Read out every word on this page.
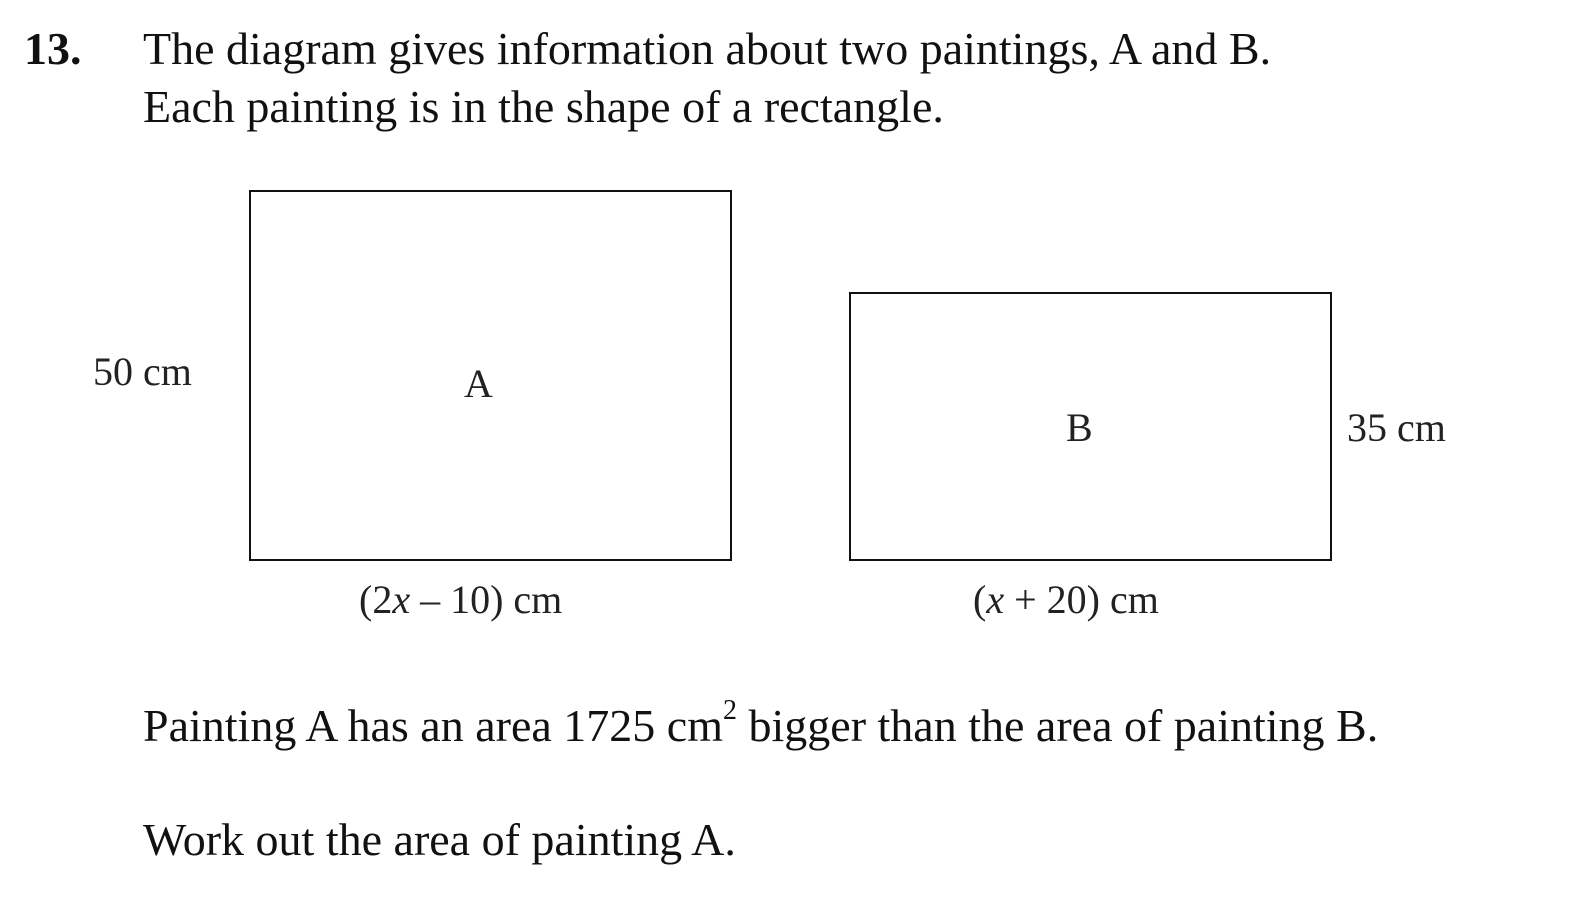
13. The diagram gives information about two paintings, A and B.
Each painting is in the shape of a rectangle.
A
B
50 cm
35 cm
(2x – 10) cm	(x + 20) cm
Painting A has an area 1725 $cm^2$ bigger than the area of painting B.
Work out the area of painting A.
